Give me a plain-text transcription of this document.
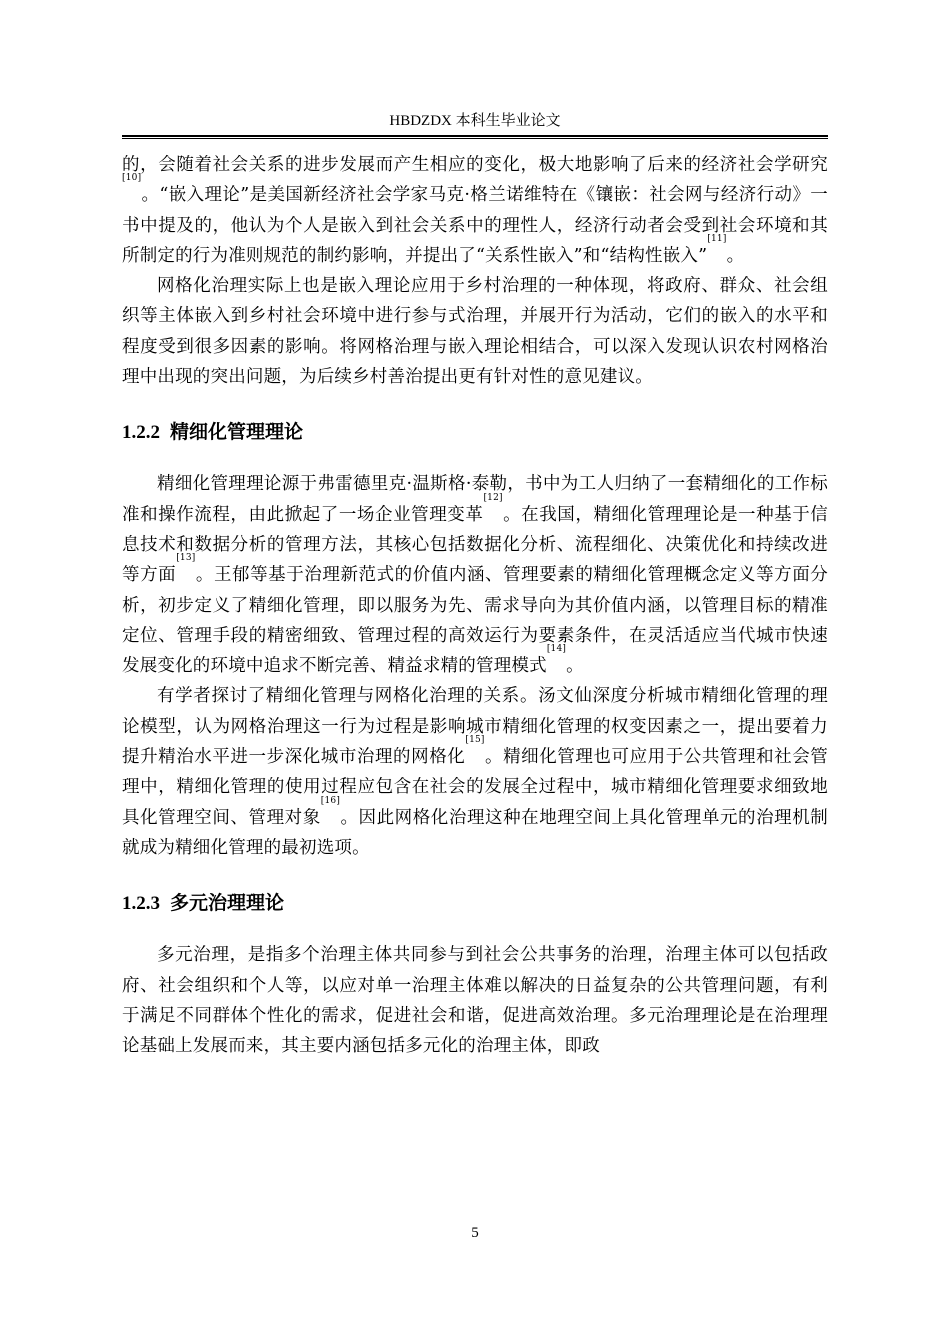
HBDZDX 本科生毕业论文

的，会随着社会关系的进步发展而产生相应的变化，极大地影响了后来的经济社会学研究[10]。“嵌入理论”是美国新经济社会学家马克·格兰诺维特在《镶嵌：社会网与经济行动》一书中提及的，他认为个人是嵌入到社会关系中的理性人，经济行动者会受到社会环境和其所制定的行为准则规范的制约影响，并提出了“关系性嵌入”和“结构性嵌入”[11]。

网格化治理实际上也是嵌入理论应用于乡村治理的一种体现，将政府、群众、社会组织等主体嵌入到乡村社会环境中进行参与式治理，并展开行为活动，它们的嵌入的水平和程度受到很多因素的影响。将网格治理与嵌入理论相结合，可以深入发现认识农村网格治理中出现的突出问题，为后续乡村善治提出更有针对性的意见建议。

1.2.2 精细化管理理论

精细化管理理论源于弗雷德里克·温斯格·泰勒，书中为工人归纳了一套精细化的工作标准和操作流程，由此掀起了一场企业管理变革[12]。在我国，精细化管理理论是一种基于信息技术和数据分析的管理方法，其核心包括数据化分析、流程细化、决策优化和持续改进等方面[13]。王郁等基于治理新范式的价值内涵、管理要素的精细化管理概念定义等方面分析，初步定义了精细化管理，即以服务为先、需求导向为其价值内涵，以管理目标的精准定位、管理手段的精密细致、管理过程的高效运行为要素条件，在灵活适应当代城市快速发展变化的环境中追求不断完善、精益求精的管理模式[14]。

有学者探讨了精细化管理与网格化治理的关系。汤文仙深度分析城市精细化管理的理论模型，认为网格治理这一行为过程是影响城市精细化管理的权变因素之一，提出要着力提升精治水平进一步深化城市治理的网格化[15]。精细化管理也可应用于公共管理和社会管理中，精细化管理的使用过程应包含在社会的发展全过程中，城市精细化管理要求细致地具化管理空间、管理对象[16]。因此网格化治理这种在地理空间上具化管理单元的治理机制就成为精细化管理的最初选项。

1.2.3 多元治理理论

多元治理，是指多个治理主体共同参与到社会公共事务的治理，治理主体可以包括政府、社会组织和个人等，以应对单一治理主体难以解决的日益复杂的公共管理问题，有利于满足不同群体个性化的需求，促进社会和谐，促进高效治理。多元治理理论是在治理理论基础上发展而来，其主要内涵包括多元化的治理主体，即政

5
